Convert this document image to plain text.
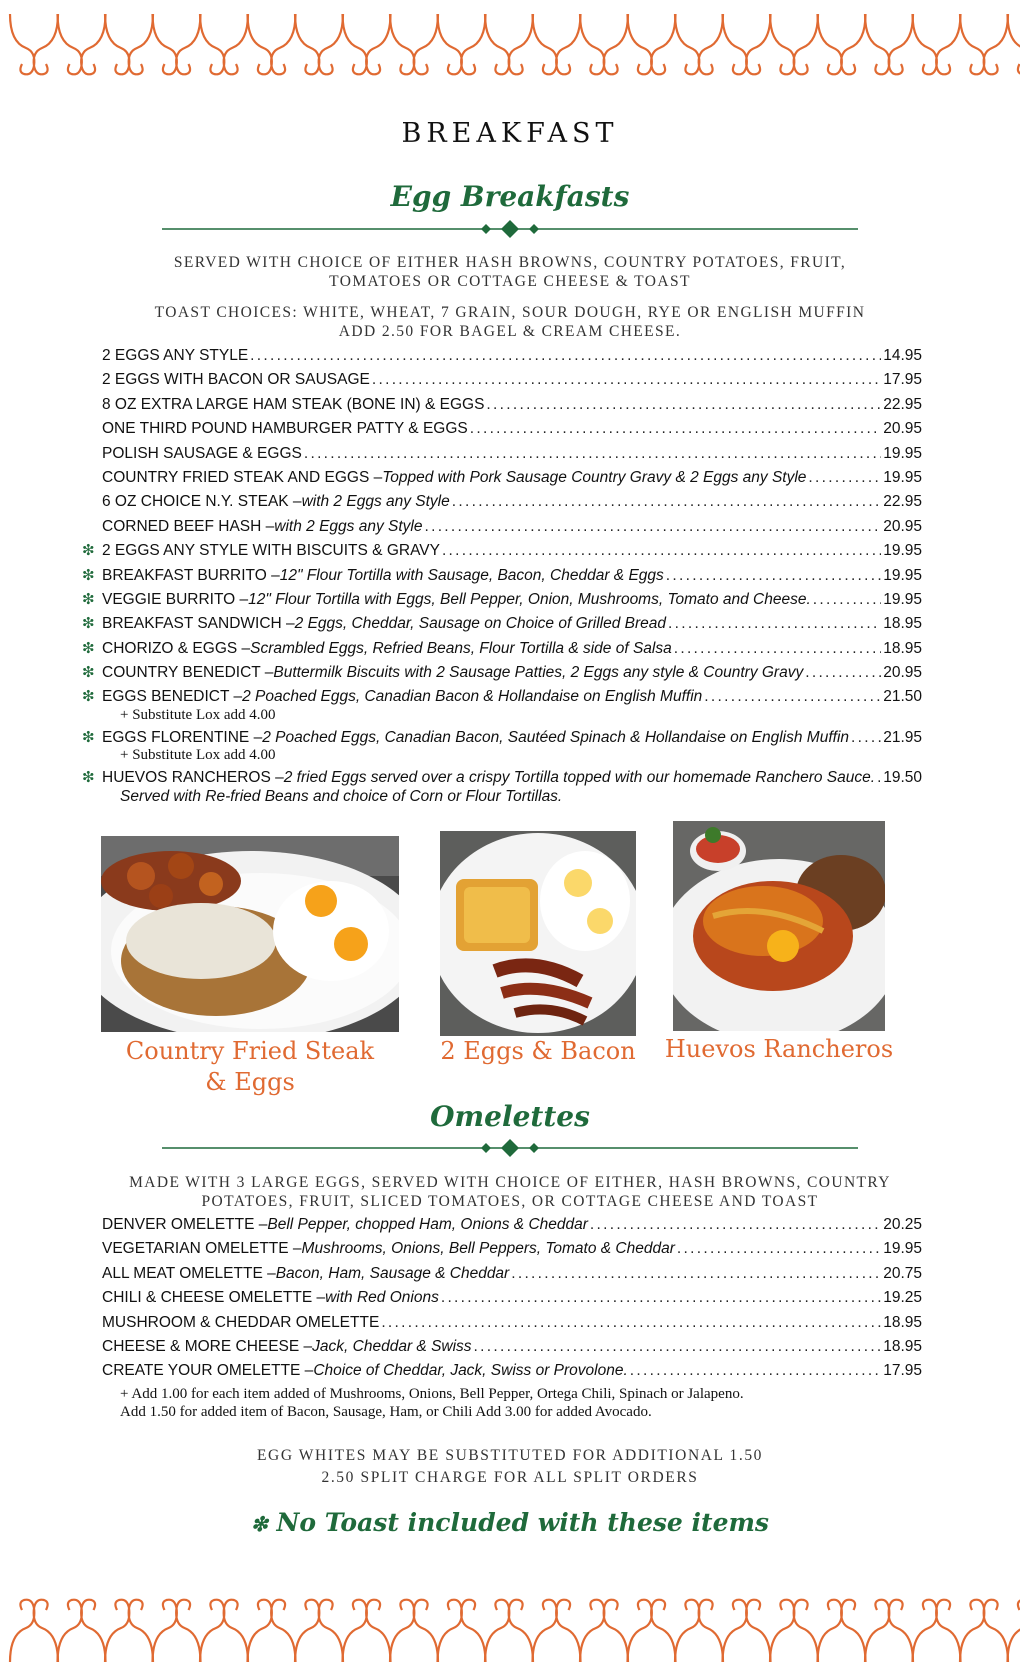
BREAKFAST
Egg Breakfasts
SERVED WITH CHOICE OF EITHER HASH BROWNS, COUNTRY POTATOES, FRUIT,
TOMATOES OR COTTAGE CHEESE & TOAST
TOAST CHOICES: WHITE, WHEAT, 7 GRAIN, SOUR DOUGH, RYE OR ENGLISH MUFFIN
ADD 2.50 FOR BAGEL & CREAM CHEESE.
2 EGGS ANY STYLE . . .	14.95
2 EGGS WITH BACON OR SAUSAGE . . .	17.95
8 OZ EXTRA LARGE HAM STEAK (BONE IN) & EGGS . . .	22.95
ONE THIRD POUND HAMBURGER PATTY & EGGS . . .	20.95
POLISH SAUSAGE & EGGS . . .	19.95
COUNTRY FRIED STEAK AND EGGS – Topped with Pork Sausage Country Gravy & 2 Eggs any Style . . .	19.95
6 OZ CHOICE N.Y. STEAK – with 2 Eggs any Style . . .	22.95
CORNED BEEF HASH – with 2 Eggs any Style . . .	20.95
❇ 2 EGGS ANY STYLE WITH BISCUITS & GRAVY . . .	19.95
❇ BREAKFAST BURRITO – 12" Flour Tortilla with Sausage, Bacon, Cheddar & Eggs . . .	19.95
❇ VEGGIE BURRITO – 12" Flour Tortilla with Eggs, Bell Pepper, Onion, Mushrooms, Tomato and Cheese. . . .	19.95
❇ BREAKFAST SANDWICH – 2 Eggs, Cheddar, Sausage on Choice of Grilled Bread . . .	18.95
❇ CHORIZO & EGGS – Scrambled Eggs, Refried Beans, Flour Tortilla & side of Salsa . . .	18.95
❇ COUNTRY BENEDICT – Buttermilk Biscuits with 2 Sausage Patties, 2 Eggs any style & Country Gravy . . .	20.95
❇ EGGS BENEDICT – 2 Poached Eggs, Canadian Bacon & Hollandaise on English Muffin . . .	21.50
+ Substitute Lox add 4.00
❇ EGGS FLORENTINE – 2 Poached Eggs, Canadian Bacon, Sautéed Spinach & Hollandaise on English Muffin . . . 21.95
+ Substitute Lox add 4.00
❇ HUEVOS RANCHEROS – 2 fried Eggs served over a crispy Tortilla topped with our homemade Ranchero Sauce. . . . 19.50
Served with Re-fried Beans and choice of Corn or Flour Tortillas.
Country Fried Steak
& Eggs
2 Eggs & Bacon	Huevos Rancheros
Omelettes
MADE WITH 3 LARGE EGGS, SERVED WITH CHOICE OF EITHER, HASH BROWNS, COUNTRY
POTATOES, FRUIT, SLICED TOMATOES, OR COTTAGE CHEESE AND TOAST
DENVER OMELETTE – Bell Pepper, chopped Ham, Onions & Cheddar . . .	20.25
VEGETARIAN OMELETTE – Mushrooms, Onions, Bell Peppers, Tomato & Cheddar . . .	19.95
ALL MEAT OMELETTE – Bacon, Ham, Sausage & Cheddar . . .	20.75
CHILI & CHEESE OMELETTE – with Red Onions . . .	19.25
MUSHROOM & CHEDDAR OMELETTE . . .	18.95
CHEESE & MORE CHEESE – Jack, Cheddar & Swiss . . .	18.95
CREATE YOUR OMELETTE – Choice of Cheddar, Jack, Swiss or Provolone. . . .	17.95
+ Add 1.00 for each item added of Mushrooms, Onions, Bell Pepper, Ortega Chili, Spinach or Jalapeno.
Add 1.50 for added item of Bacon, Sausage, Ham, or Chili Add 3.00 for added Avocado.
EGG WHITES MAY BE SUBSTITUTED FOR ADDITIONAL 1.50
2.50 SPLIT CHARGE FOR ALL SPLIT ORDERS
❇ No Toast included with these items
